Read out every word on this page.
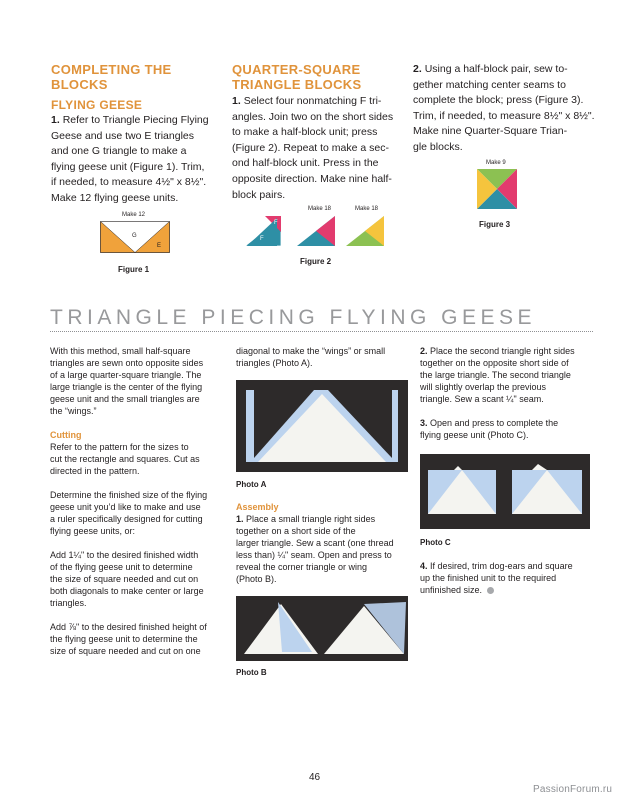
COMPLETING THE BLOCKS
FLYING GEESE
1. Refer to Triangle Piecing Flying
Geese and use two E triangles
and one G triangle to make a
flying geese unit (Figure 1). Trim,
if needed, to measure 4½" x 8½".
Make 12 flying geese units.
Make 12
G
E
Figure 1
QUARTER-SQUARE TRIANGLE BLOCKS
1. Select four nonmatching F tri-
angles. Join two on the short sides
to make a half-block unit; press
(Figure 2). Repeat to make a sec-
ond half-block unit. Press in the
opposite direction. Make nine half-
block pairs.
Make 18	Make 18
F
F
Figure 2
2. Using a half-block pair, sew to-
gether matching center seams to
complete the block; press (Figure 3).
Trim, if needed, to measure 8½" x 8½".
Make nine Quarter-Square Trian-
gle blocks.
Make 9
Figure 3
TRIANGLE PIECING FLYING GEESE

With this method, small half-square
triangles are sewn onto opposite sides
of a large quarter-square triangle. The
large triangle is the center of the flying
geese unit and the small triangles are
the “wings.”

Cutting

Refer to the pattern for the sizes to
cut the rectangle and squares. Cut as
directed in the pattern.

Determine the finished size of the flying
geese unit you’d like to make and use
a ruler specifically designed for cutting
flying geese units, or:

Add 1¼" to the desired finished width
of the flying geese unit to determine
the size of square needed and cut on
both diagonals to make center or large
triangles.

Add ⅞" to the desired finished height of
the flying geese unit to determine the
size of square needed and cut on one

diagonal to make the “wings” or small
triangles (Photo A).
Photo A
Assembly
1. Place a small triangle right sides
together on a short side of the
larger triangle. Sew a scant (one thread
less than) ¼" seam. Open and press to
reveal the corner triangle or wing
(Photo B).
Photo B

2. Place the second triangle right sides
together on the opposite short side of
the large triangle. The second triangle
will slightly overlap the previous
triangle. Sew a scant ¼" seam.

3. Open and press to complete the
flying geese unit (Photo C).

Photo C
4. If desired, trim dog-ears and square
up the finished unit to the required
unfinished size.
46
PassionForum.ru
